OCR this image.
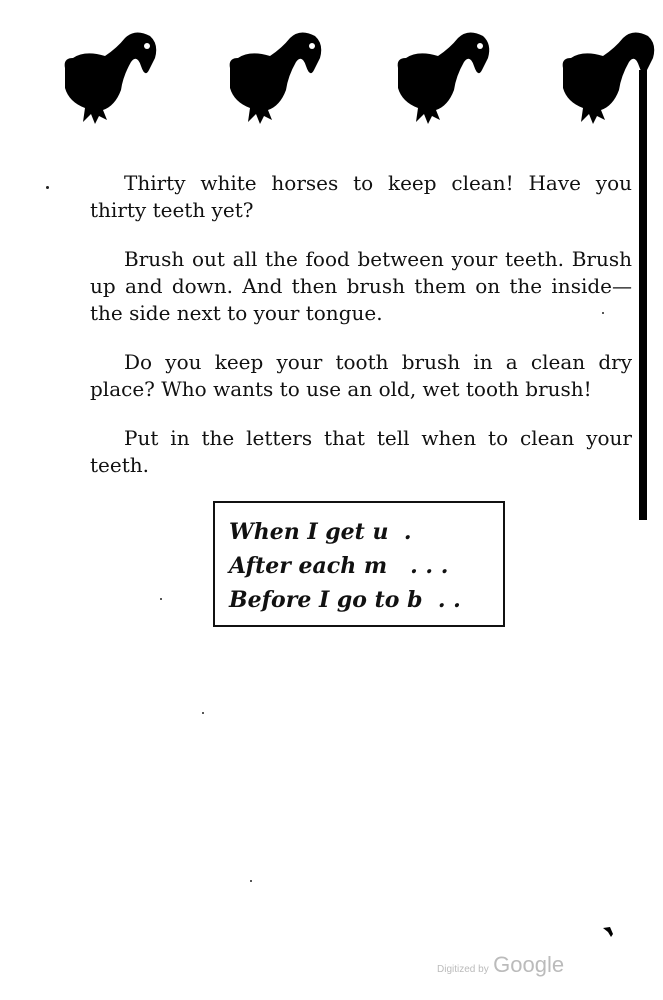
Thirty white horses to keep clean! Have you thirty teeth yet?

Brush out all the food between your teeth. Brush up and down. And then brush them on the inside—the side next to your tongue.

Do you keep your tooth brush in a clean dry place? Who wants to use an old, wet tooth brush!

Put in the letters that tell when to clean your teeth.

When I get u  .
After each m   . . .
Before I go to b  . .
Digitized by Google
